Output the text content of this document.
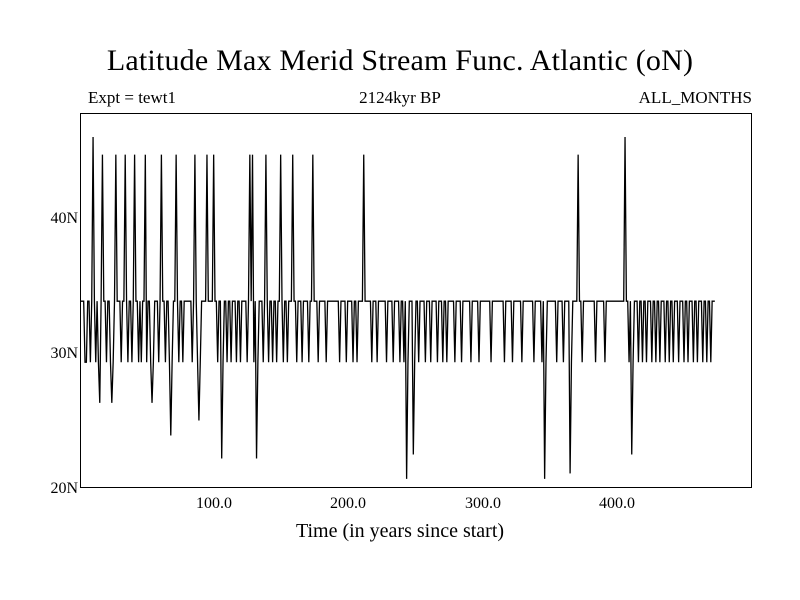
Latitude Max Merid Stream Func. Atlantic (oN)
Expt = tewt1	2124kyr BP	ALL_MONTHS
20N
30N
40N
100.0	200.0	300.0	400.0
Time (in years since start)
